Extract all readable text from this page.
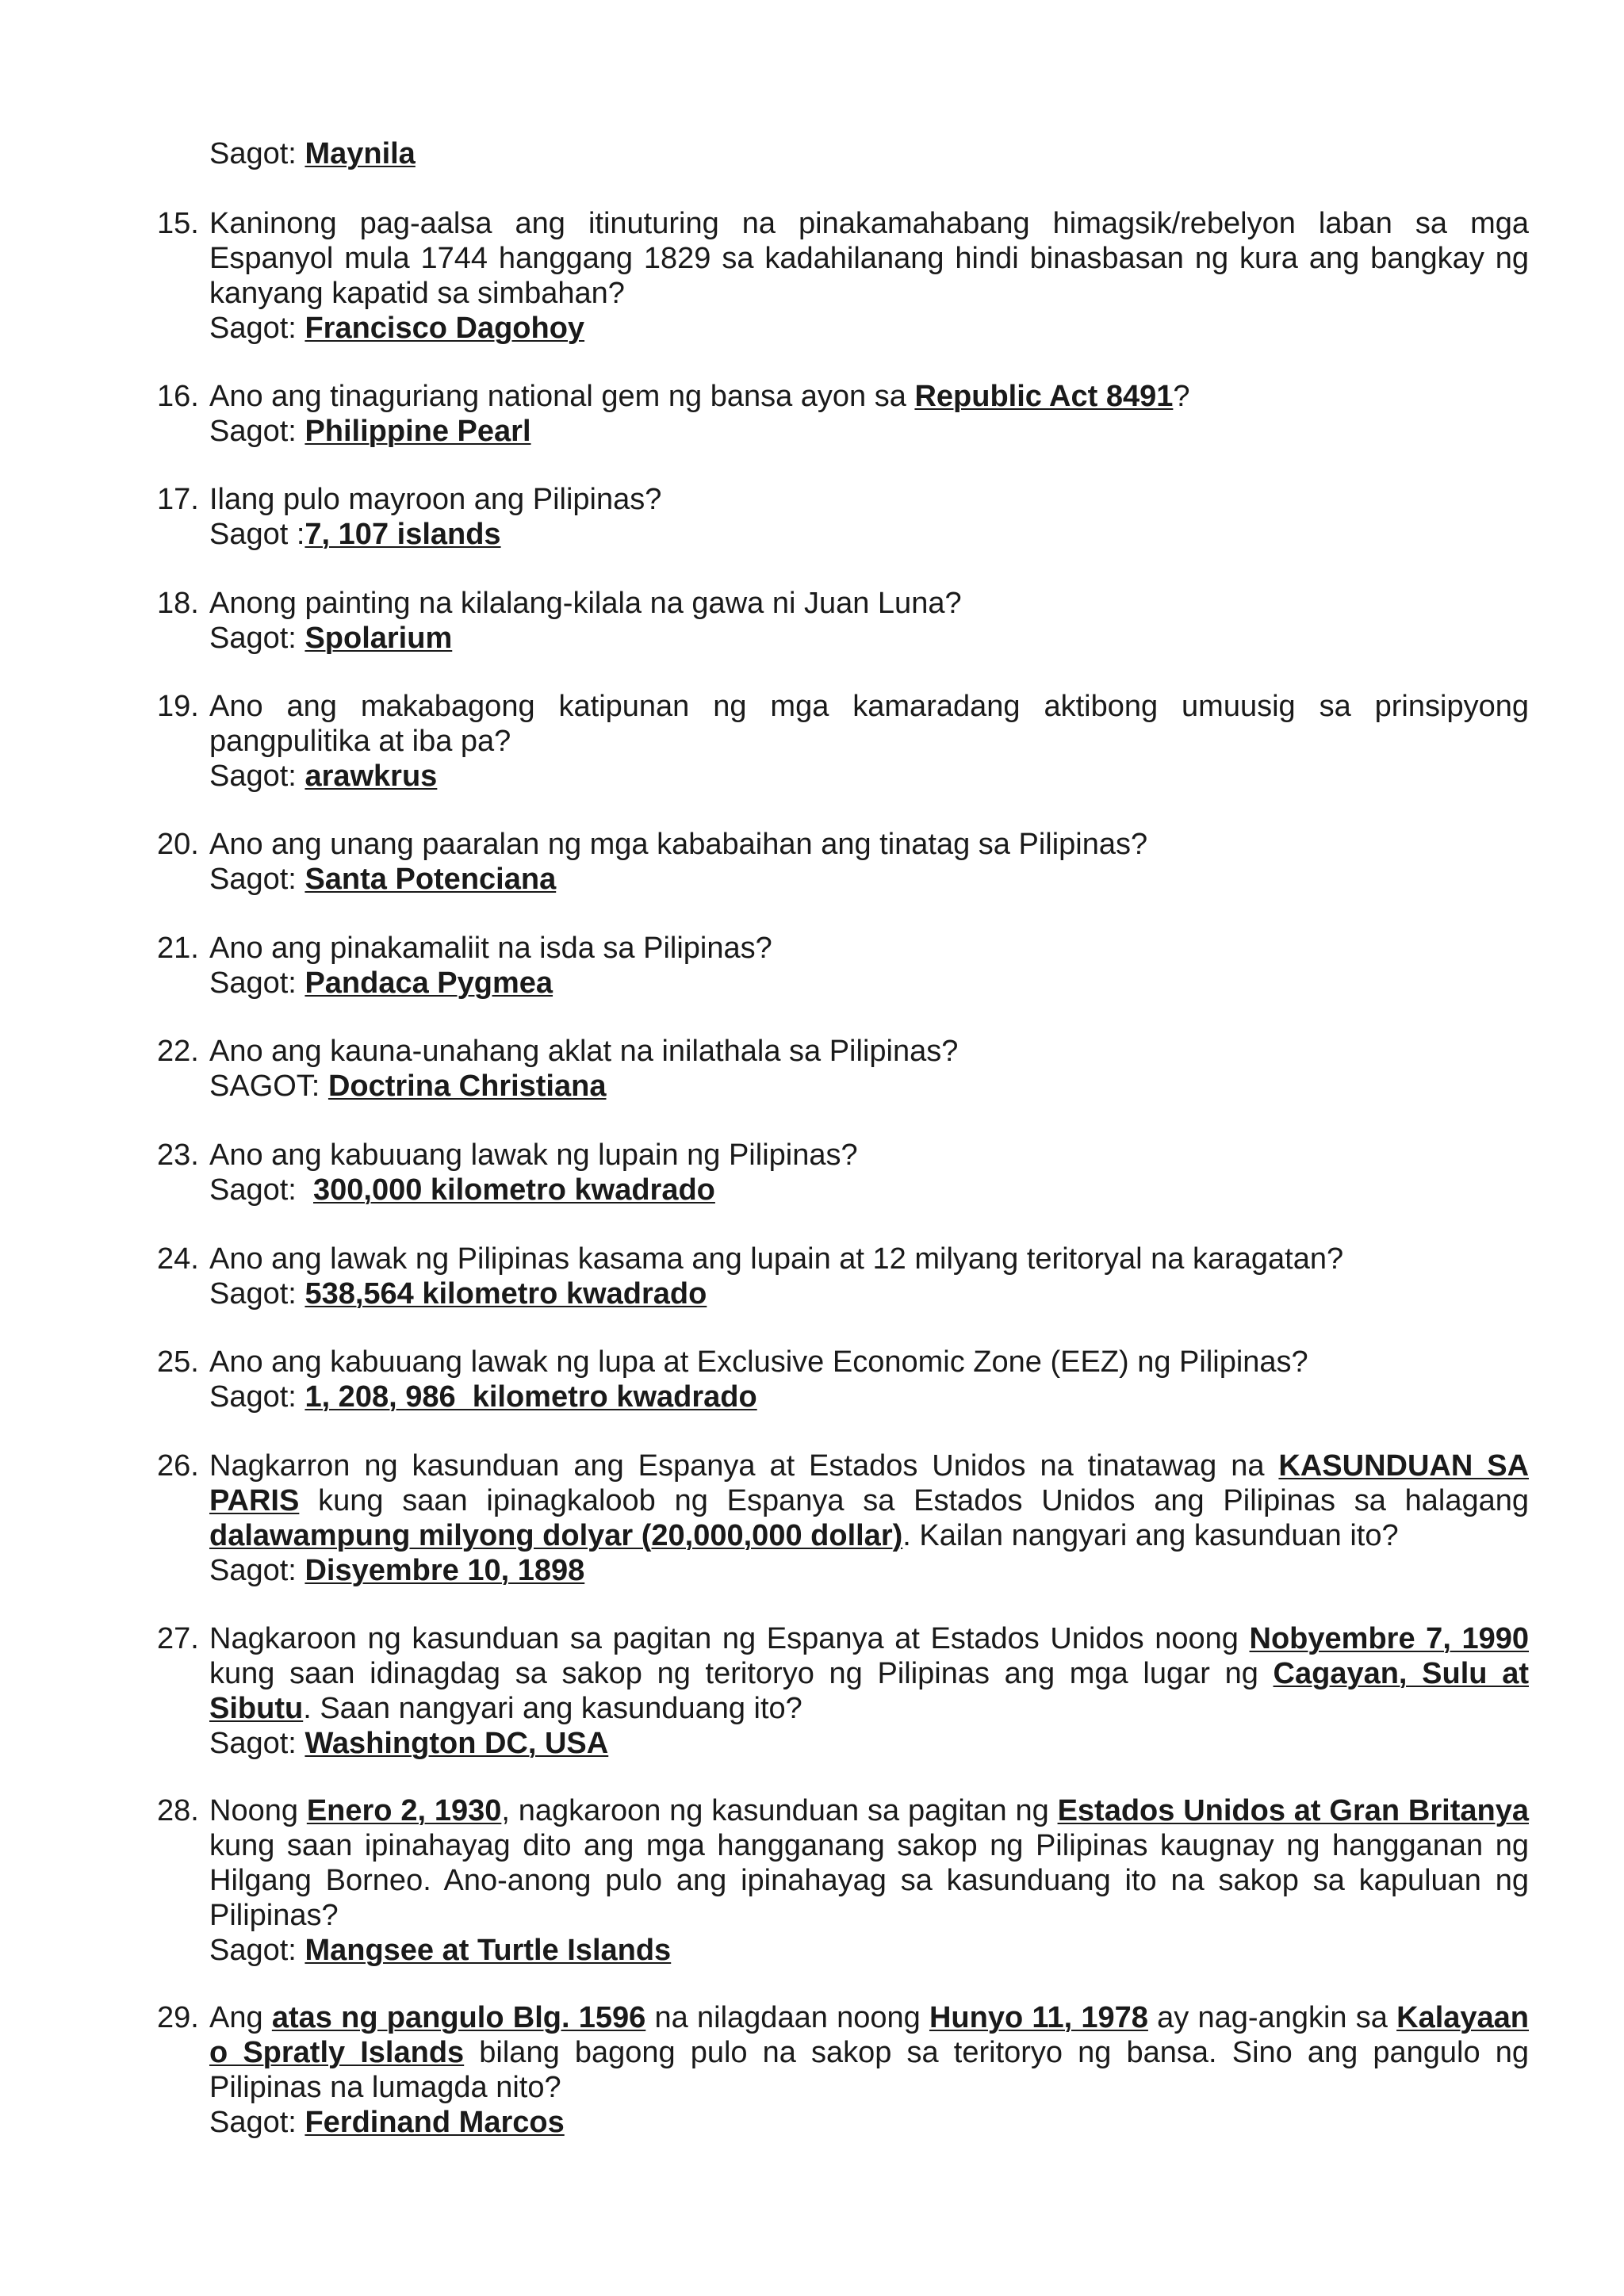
Sagot: Maynila
15. Kaninong pag-aalsa ang itinuturing na pinakamahabang himagsik/rebelyon laban sa mga Espanyol mula 1744 hanggang 1829 sa kadahilanang hindi binasbasan ng kura ang bangkay ng kanyang kapatid sa simbahan?
Sagot: Francisco Dagohoy
16. Ano ang tinaguriang national gem ng bansa ayon sa Republic Act 8491?
Sagot: Philippine Pearl
17. Ilang pulo mayroon ang Pilipinas?
Sagot :7, 107 islands
18. Anong painting na kilalang-kilala na gawa ni Juan Luna?
Sagot: Spolarium
19. Ano ang makabagong katipunan ng mga kamaradang aktibong umuusig sa prinsipyong pangpulitika at iba pa?
Sagot: arawkrus
20. Ano ang unang paaralan ng mga kababaihan ang tinatag sa Pilipinas?
Sagot: Santa Potenciana
21. Ano ang pinakamaliit na isda sa Pilipinas?
Sagot: Pandaca Pygmea
22. Ano ang kauna-unahang aklat na inilathala sa Pilipinas?
SAGOT: Doctrina Christiana
23. Ano ang kabuuang lawak ng lupain ng Pilipinas?
Sagot: 300,000 kilometro kwadrado
24. Ano ang lawak ng Pilipinas kasama ang lupain at 12 milyang teritoryal na karagatan?
Sagot: 538,564 kilometro kwadrado
25. Ano ang kabuuang lawak ng lupa at Exclusive Economic Zone (EEZ) ng Pilipinas?
Sagot: 1, 208, 986  kilometro kwadrado
26. Nagkarron ng kasunduan ang Espanya at Estados Unidos na tinatawag na KASUNDUAN SA PARIS kung saan ipinagkaloob ng Espanya sa Estados Unidos ang Pilipinas sa halagang dalawampung milyong dolyar (20,000,000 dollar). Kailan nangyari ang kasunduan ito?
Sagot: Disyembre 10, 1898
27. Nagkaroon ng kasunduan sa pagitan ng Espanya at Estados Unidos noong Nobyembre 7, 1990 kung saan idinagdag sa sakop ng teritoryo ng Pilipinas ang mga lugar ng Cagayan, Sulu at Sibutu. Saan nangyari ang kasunduang ito?
Sagot: Washington DC, USA
28. Noong Enero 2, 1930, nagkaroon ng kasunduan sa pagitan ng Estados Unidos at Gran Britanya kung saan ipinahayag dito ang mga hangganang sakop ng Pilipinas kaugnay ng hangganan ng Hilgang Borneo. Ano-anong pulo ang ipinahayag sa kasunduang ito na sakop sa kapuluan ng Pilipinas?
Sagot: Mangsee at Turtle Islands
29. Ang atas ng pangulo Blg. 1596 na nilagdaan noong Hunyo 11, 1978 ay nag-angkin sa Kalayaan o Spratly Islands bilang bagong pulo na sakop sa teritoryo ng bansa. Sino ang pangulo ng Pilipinas na lumagda nito?
Sagot: Ferdinand Marcos
